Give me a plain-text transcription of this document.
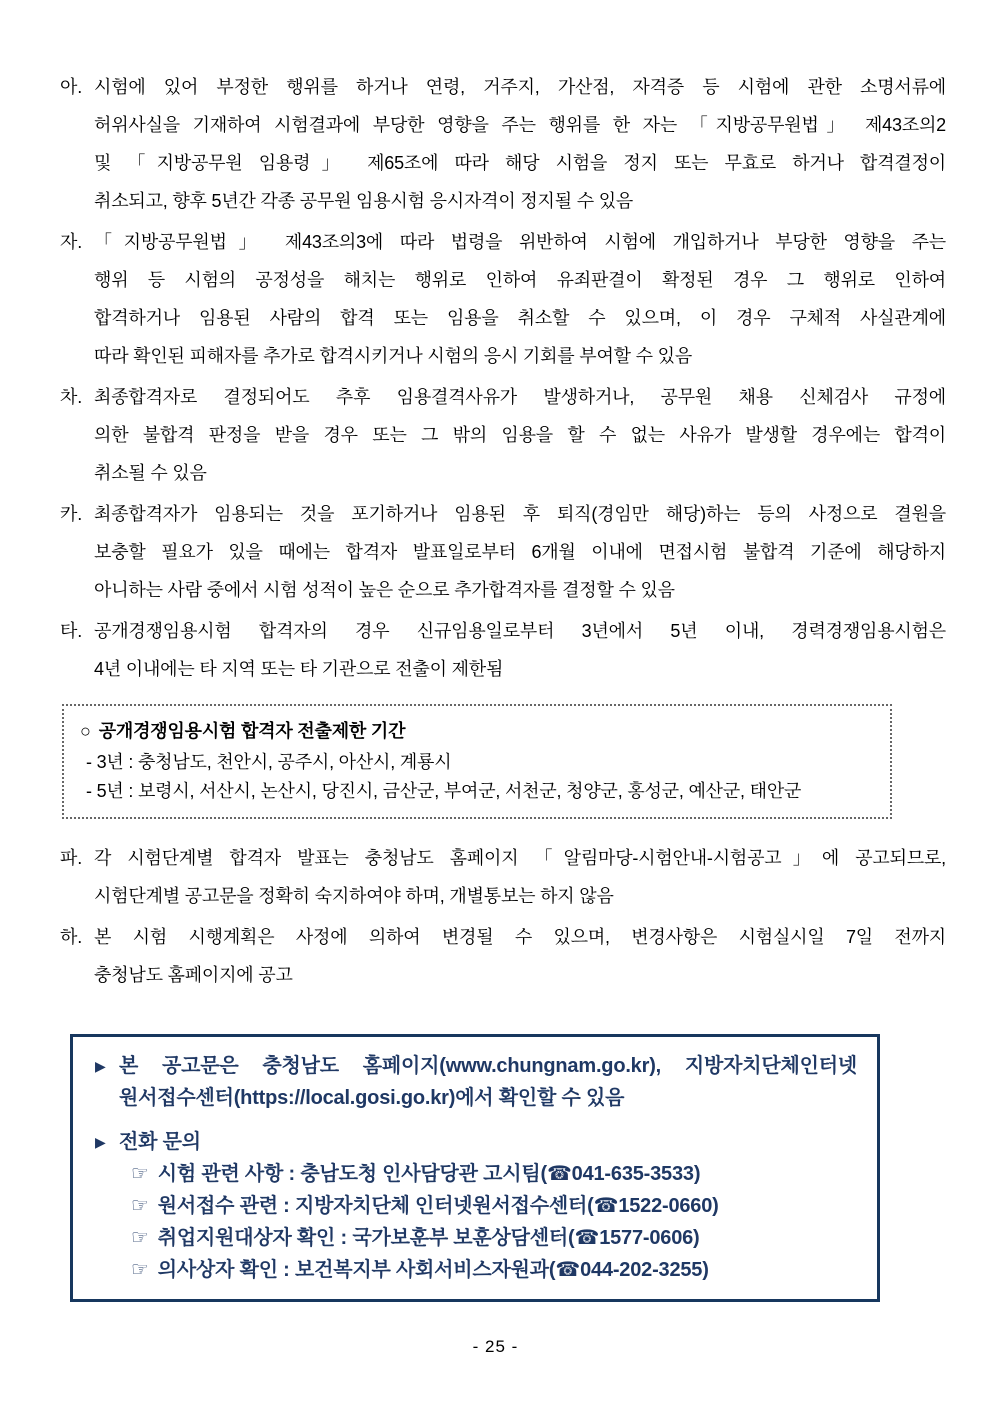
아. 시험에 있어 부정한 행위를 하거나 연령, 거주지, 가산점, 자격증 등 시험에 관한 소명서류에
허위사실을 기재하여 시험결과에 부당한 영향을 주는 행위를 한 자는 「지방공무원법」 제43조의2
및 「지방공무원 임용령」 제65조에 따라 해당 시험을 정지 또는 무효로 하거나 합격결정이
취소되고, 향후 5년간 각종 공무원 임용시험 응시자격이 정지될 수 있음
자. 「지방공무원법」 제43조의3에 따라 법령을 위반하여 시험에 개입하거나 부당한 영향을 주는
행위 등 시험의 공정성을 해치는 행위로 인하여 유죄판결이 확정된 경우 그 행위로 인하여
합격하거나 임용된 사람의 합격 또는 임용을 취소할 수 있으며, 이 경우 구체적 사실관계에
따라 확인된 피해자를 추가로 합격시키거나 시험의 응시 기회를 부여할 수 있음
차. 최종합격자로 결정되어도 추후 임용결격사유가 발생하거나, 공무원 채용 신체검사 규정에
의한 불합격 판정을 받을 경우 또는 그 밖의 임용을 할 수 없는 사유가 발생할 경우에는 합격이
취소될 수 있음
카. 최종합격자가 임용되는 것을 포기하거나 임용된 후 퇴직(경임만 해당)하는 등의 사정으로 결원을
보충할 필요가 있을 때에는 합격자 발표일로부터 6개월 이내에 면접시험 불합격 기준에 해당하지
아니하는 사람 중에서 시험 성적이 높은 순으로 추가합격자를 결정할 수 있음
타. 공개경쟁임용시험 합격자의 경우 신규임용일로부터 3년에서 5년 이내, 경력경쟁임용시험은
4년 이내에는 타 지역 또는 타 기관으로 전출이 제한됨
○ 공개경쟁임용시험 합격자 전출제한 기간
- 3년 : 충청남도, 천안시, 공주시, 아산시, 계룡시
- 5년 : 보령시, 서산시, 논산시, 당진시, 금산군, 부여군, 서천군, 청양군, 홍성군, 예산군, 태안군
파. 각 시험단계별 합격자 발표는 충청남도 홈페이지 「알림마당-시험안내-시험공고」에 공고되므로,
시험단계별 공고문을 정확히 숙지하여야 하며, 개별통보는 하지 않음
하. 본 시험 시행계획은 사정에 의하여 변경될 수 있으며, 변경사항은 시험실시일 7일 전까지
충청남도 홈페이지에 공고
▶ 본 공고문은 충청남도 홈페이지(www.chungnam.go.kr), 지방자치단체인터넷
원서접수센터(https://local.gosi.go.kr)에서 확인할 수 있음
▶ 전화 문의
☞ 시험 관련 사항 : 충남도청 인사담당관 고시팀(☎041-635-3533)
☞ 원서접수 관련 : 지방자치단체 인터넷원서접수센터(☎1522-0660)
☞ 취업지원대상자 확인 : 국가보훈부 보훈상담센터(☎1577-0606)
☞ 의사상자 확인 : 보건복지부 사회서비스자원과(☎044-202-3255)
- 25 -
